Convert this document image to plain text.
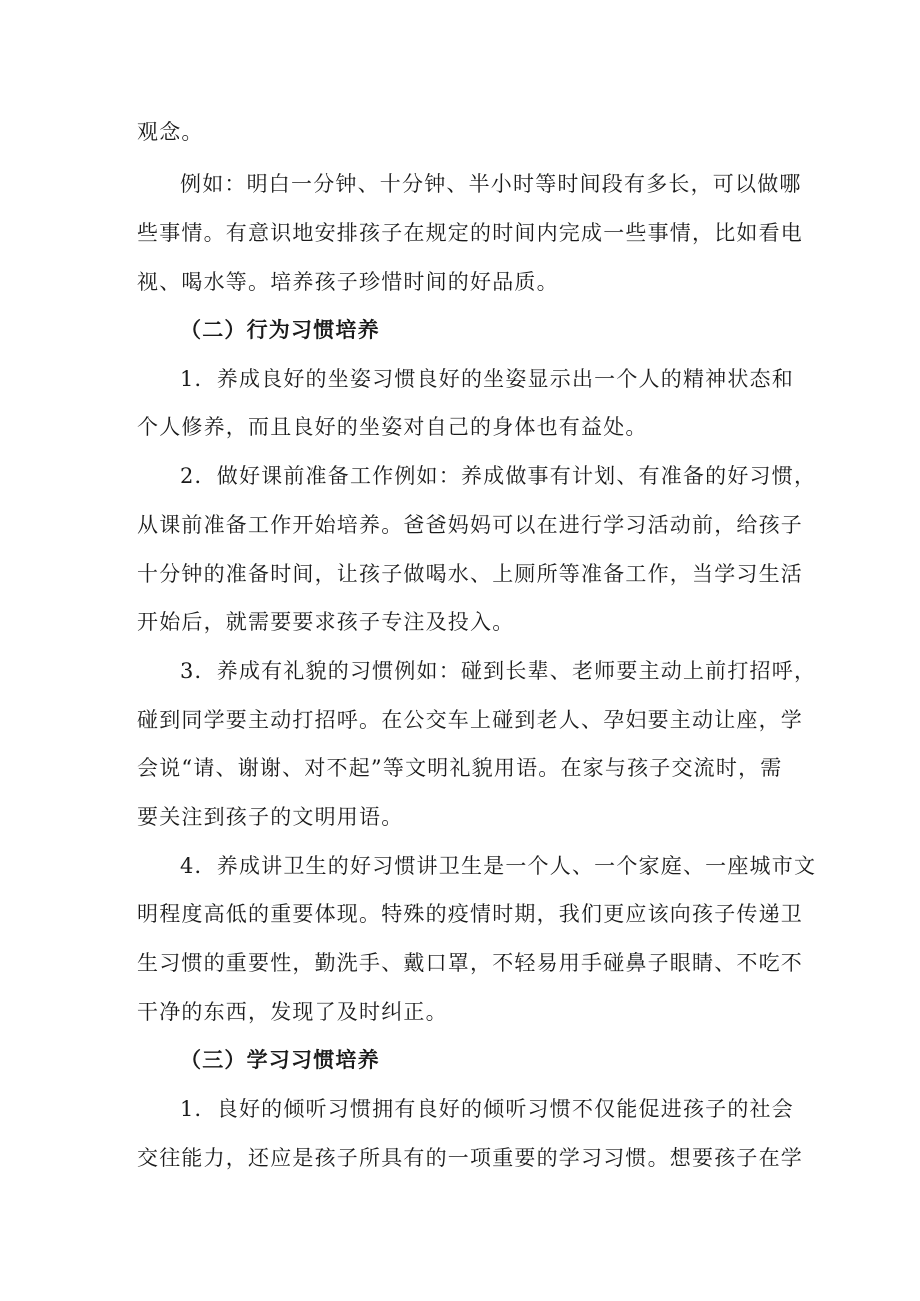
观念。
例如：明白一分钟、十分钟、半小时等时间段有多长，可以做哪
些事情。有意识地安排孩子在规定的时间内完成一些事情，比如看电
视、喝水等。培养孩子珍惜时间的好品质。
（二）行为习惯培养
1．养成良好的坐姿习惯良好的坐姿显示出一个人的精神状态和
个人修养，而且良好的坐姿对自己的身体也有益处。
2．做好课前准备工作例如：养成做事有计划、有准备的好习惯，
从课前准备工作开始培养。爸爸妈妈可以在进行学习活动前，给孩子
十分钟的准备时间，让孩子做喝水、上厕所等准备工作，当学习生活
开始后，就需要要求孩子专注及投入。
3．养成有礼貌的习惯例如：碰到长辈、老师要主动上前打招呼，
碰到同学要主动打招呼。在公交车上碰到老人、孕妇要主动让座，学
会说“请、谢谢、对不起”等文明礼貌用语。在家与孩子交流时，需
要关注到孩子的文明用语。
4．养成讲卫生的好习惯讲卫生是一个人、一个家庭、一座城市文
明程度高低的重要体现。特殊的疫情时期，我们更应该向孩子传递卫
生习惯的重要性，勤洗手、戴口罩，不轻易用手碰鼻子眼睛、不吃不
干净的东西，发现了及时纠正。
（三）学习习惯培养
1．良好的倾听习惯拥有良好的倾听习惯不仅能促进孩子的社会
交往能力，还应是孩子所具有的一项重要的学习习惯。想要孩子在学
